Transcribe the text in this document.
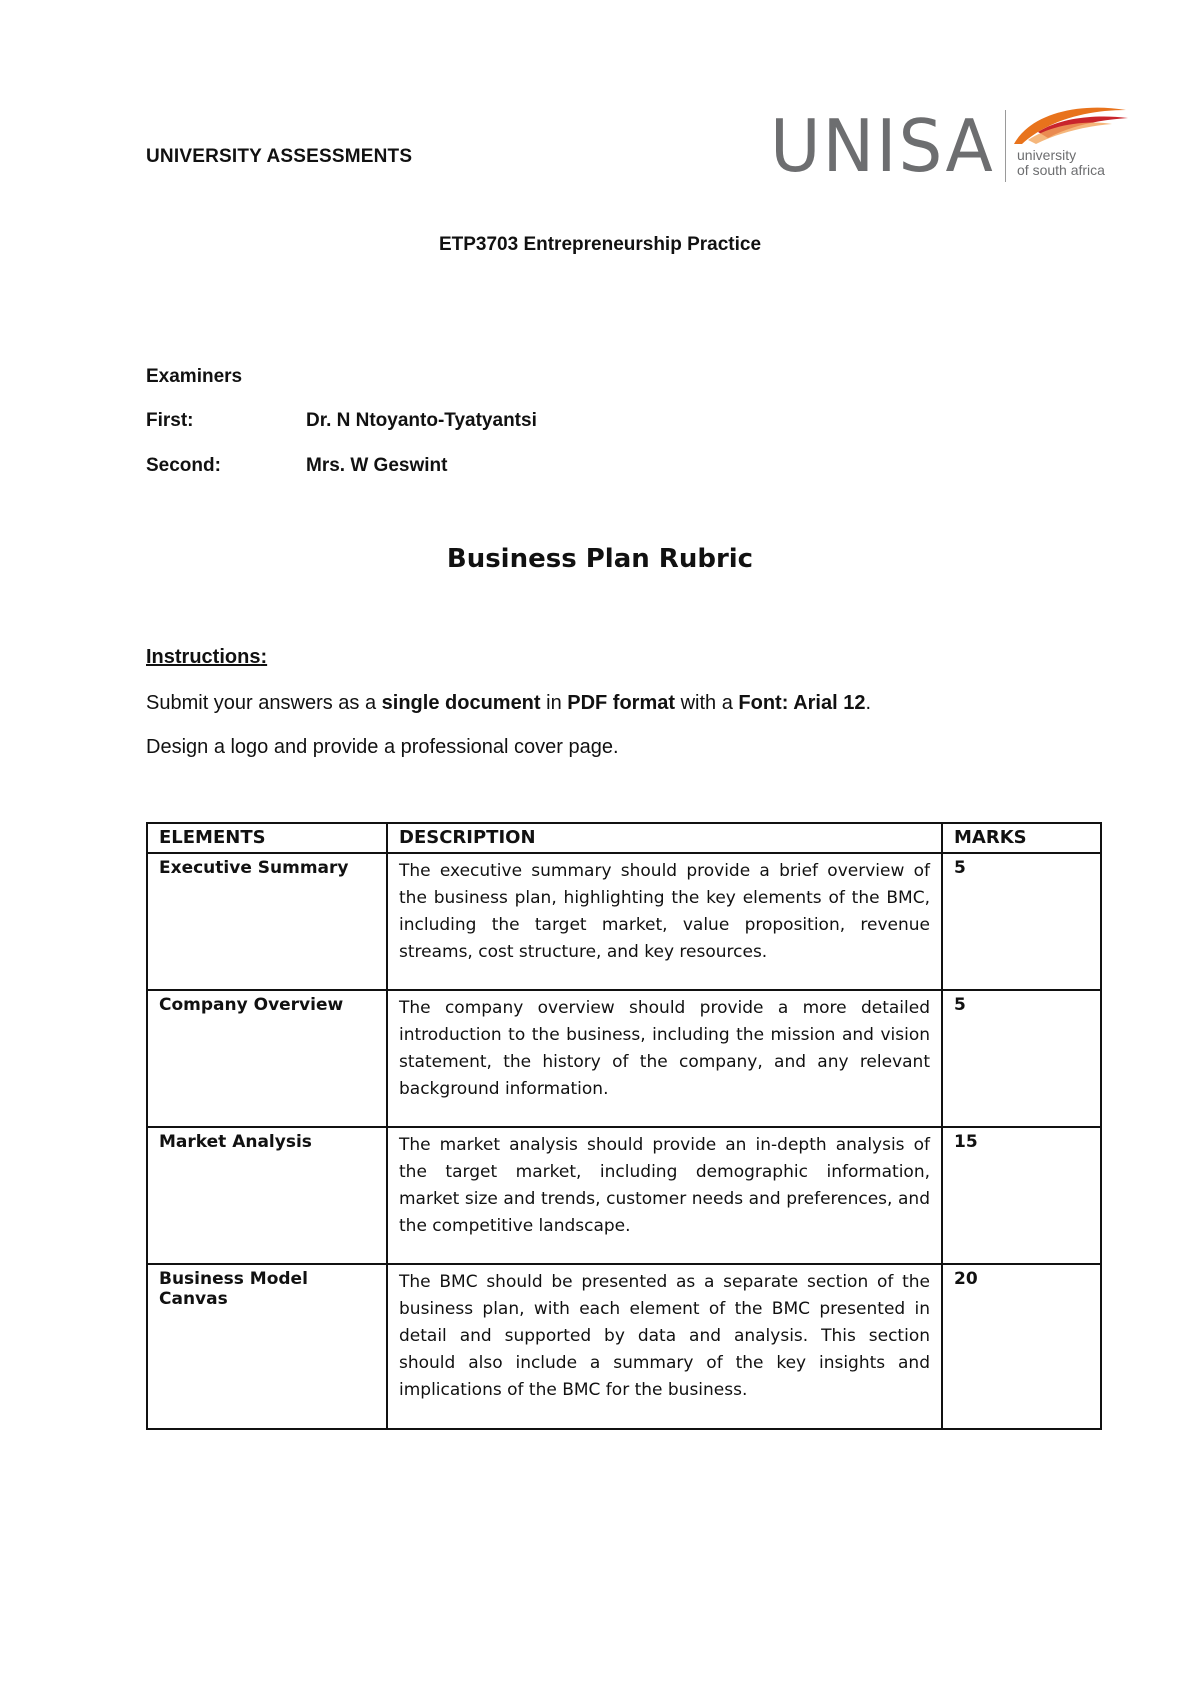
UNIVERSITY ASSESSMENTS	UNISA university
of south africa
ETP3703 Entrepreneurship Practice
Examiners
First:	Dr. N Ntoyanto-Tyatyantsi
Second:	Mrs. W Geswint
Business Plan Rubric
Instructions:
Submit your answers as a single document in PDF format with a Font: Arial 12.
Design a logo and provide a professional cover page.
ELEMENTS	DESCRIPTION	MARKS
Executive Summary	The executive summary should provide a brief overview of the business plan, highlighting the key elements of the BMC, including the target market, value proposition, revenue streams, cost structure, and key resources.	5
Company Overview	The company overview should provide a more detailed introduction to the business, including the mission and vision statement, the history of the company, and any relevant background information.	5
Market Analysis	The market analysis should provide an in-depth analysis of the target market, including demographic information, market size and trends, customer needs and preferences, and the competitive landscape.	15
Business Model Canvas	The BMC should be presented as a separate section of the business plan, with each element of the BMC presented in detail and supported by data and analysis. This section should also include a summary of the key insights and implications of the BMC for the business.	20
